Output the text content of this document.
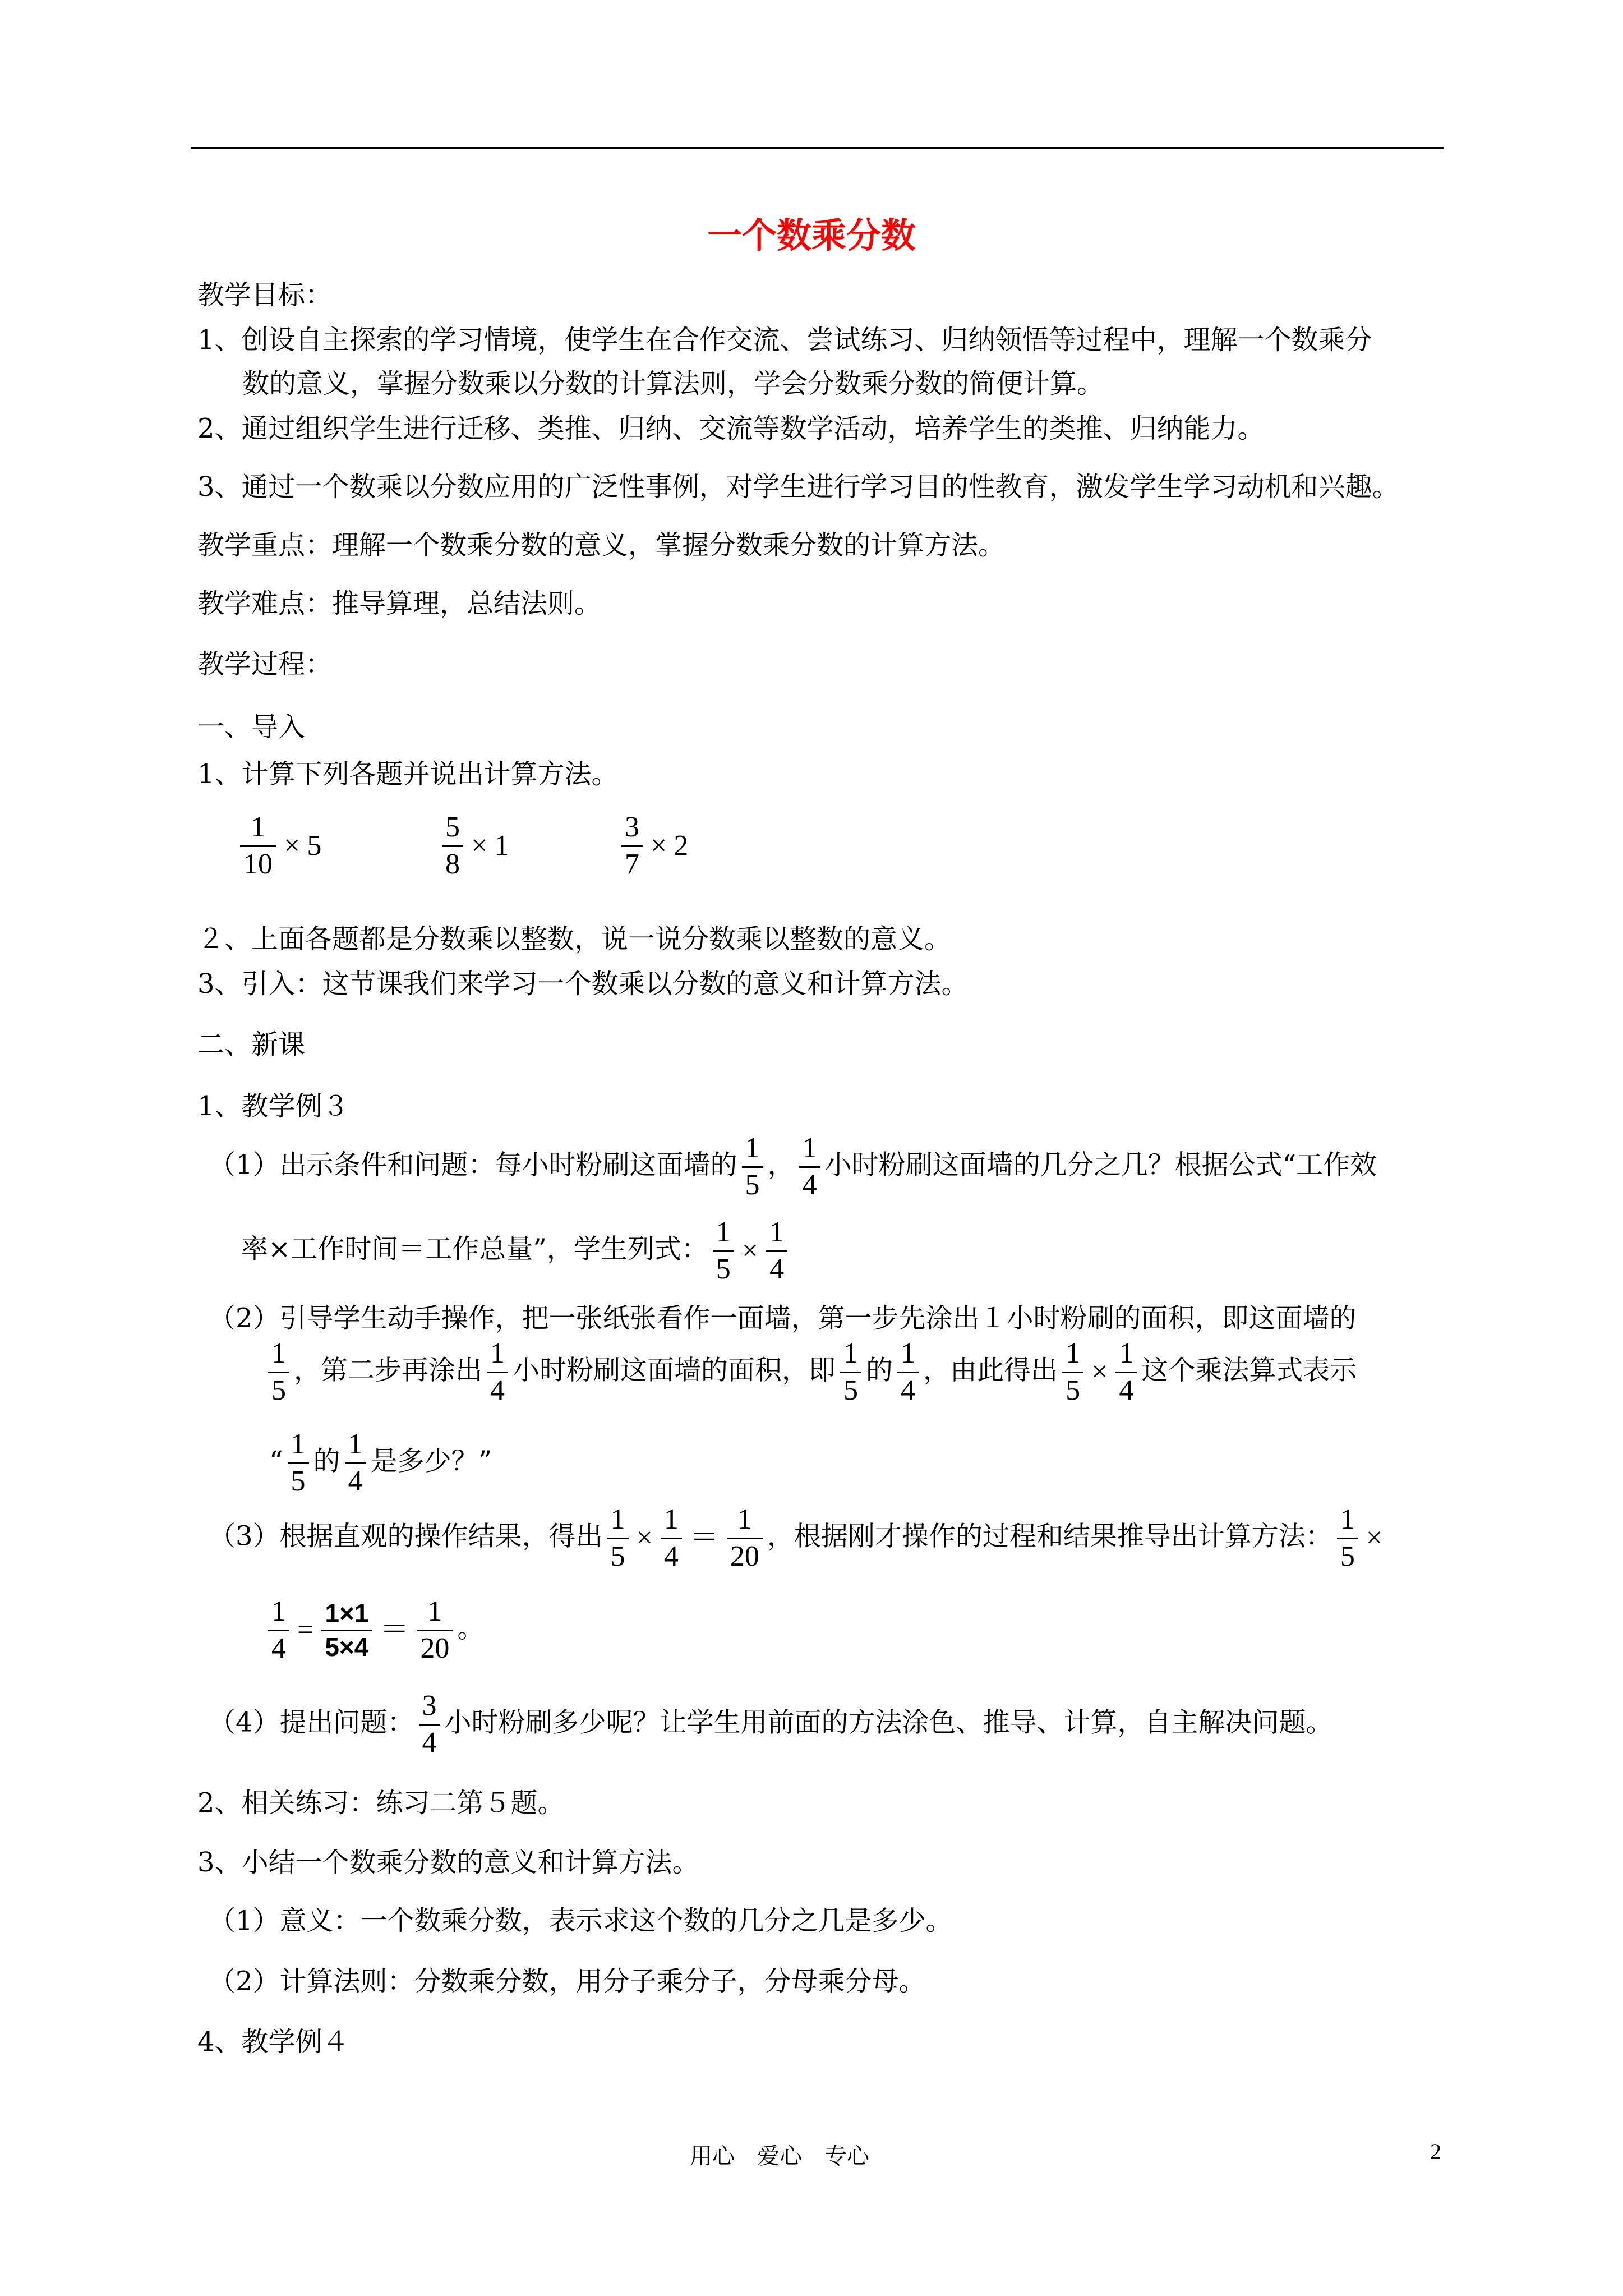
一个数乘分数
教学目标：
1、创设自主探索的学习情境，使学生在合作交流、尝试练习、归纳领悟等过程中，理解一个数乘分
数的意义，掌握分数乘以分数的计算法则，学会分数乘分数的简便计算。
2、通过组织学生进行迁移、类推、归纳、交流等数学活动，培养学生的类推、归纳能力。
3、通过一个数乘以分数应用的广泛性事例，对学生进行学习目的性教育，激发学生学习动机和兴趣。
教学重点：理解一个数乘分数的意义，掌握分数乘分数的计算方法。
教学难点：推导算理，总结法则。
教学过程：
一、导入
1、计算下列各题并说出计算方法。
$\frac{1}{10} \times 5$	$\frac{5}{8} \times 1$	$\frac{3}{7} \times 2$
２、上面各题都是分数乘以整数，说一说分数乘以整数的意义。
3、引入：这节课我们来学习一个数乘以分数的意义和计算方法。
二、新课
1、教学例３
（1）出示条件和问题：每小时粉刷这面墙的 $\frac{1}{5}$ ， $\frac{1}{4}$ 小时粉刷这面墙的几分之几？根据公式“工作效
率×工作时间＝工作总量”，学生列式： $\frac{1}{5} \times \frac{1}{4}$
（2）引导学生动手操作，把一张纸张看作一面墙，第一步先涂出１小时粉刷的面积，即这面墙的
$\frac{1}{5}$ ，第二步再涂出 $\frac{1}{4}$ 小时粉刷这面墙的面积，即 $\frac{1}{5}$ 的 $\frac{1}{4}$ ，由此得出 $\frac{1}{5} \times \frac{1}{4}$ 这个乘法算式表示
“ $\frac{1}{5}$ 的 $\frac{1}{4}$ 是多少？”
（3）根据直观的操作结果，得出 $\frac{1}{5} \times \frac{1}{4} = \frac{1}{20}$ ，根据刚才操作的过程和结果推导出计算方法： $\frac{1}{5}$ ×
$\frac{1}{4} = \frac{1\times 1}{5\times 4} = \frac{1}{20}$ 。
（4）提出问题： $\frac{3}{4}$ 小时粉刷多少呢？让学生用前面的方法涂色、推导、计算，自主解决问题。
2、相关练习：练习二第５题。
3、小结一个数乘分数的意义和计算方法。
（1）意义：一个数乘分数，表示求这个数的几分之几是多少。
（2）计算法则：分数乘分数，用分子乘分子，分母乘分母。
4、教学例４
用心　爱心　专心	2
